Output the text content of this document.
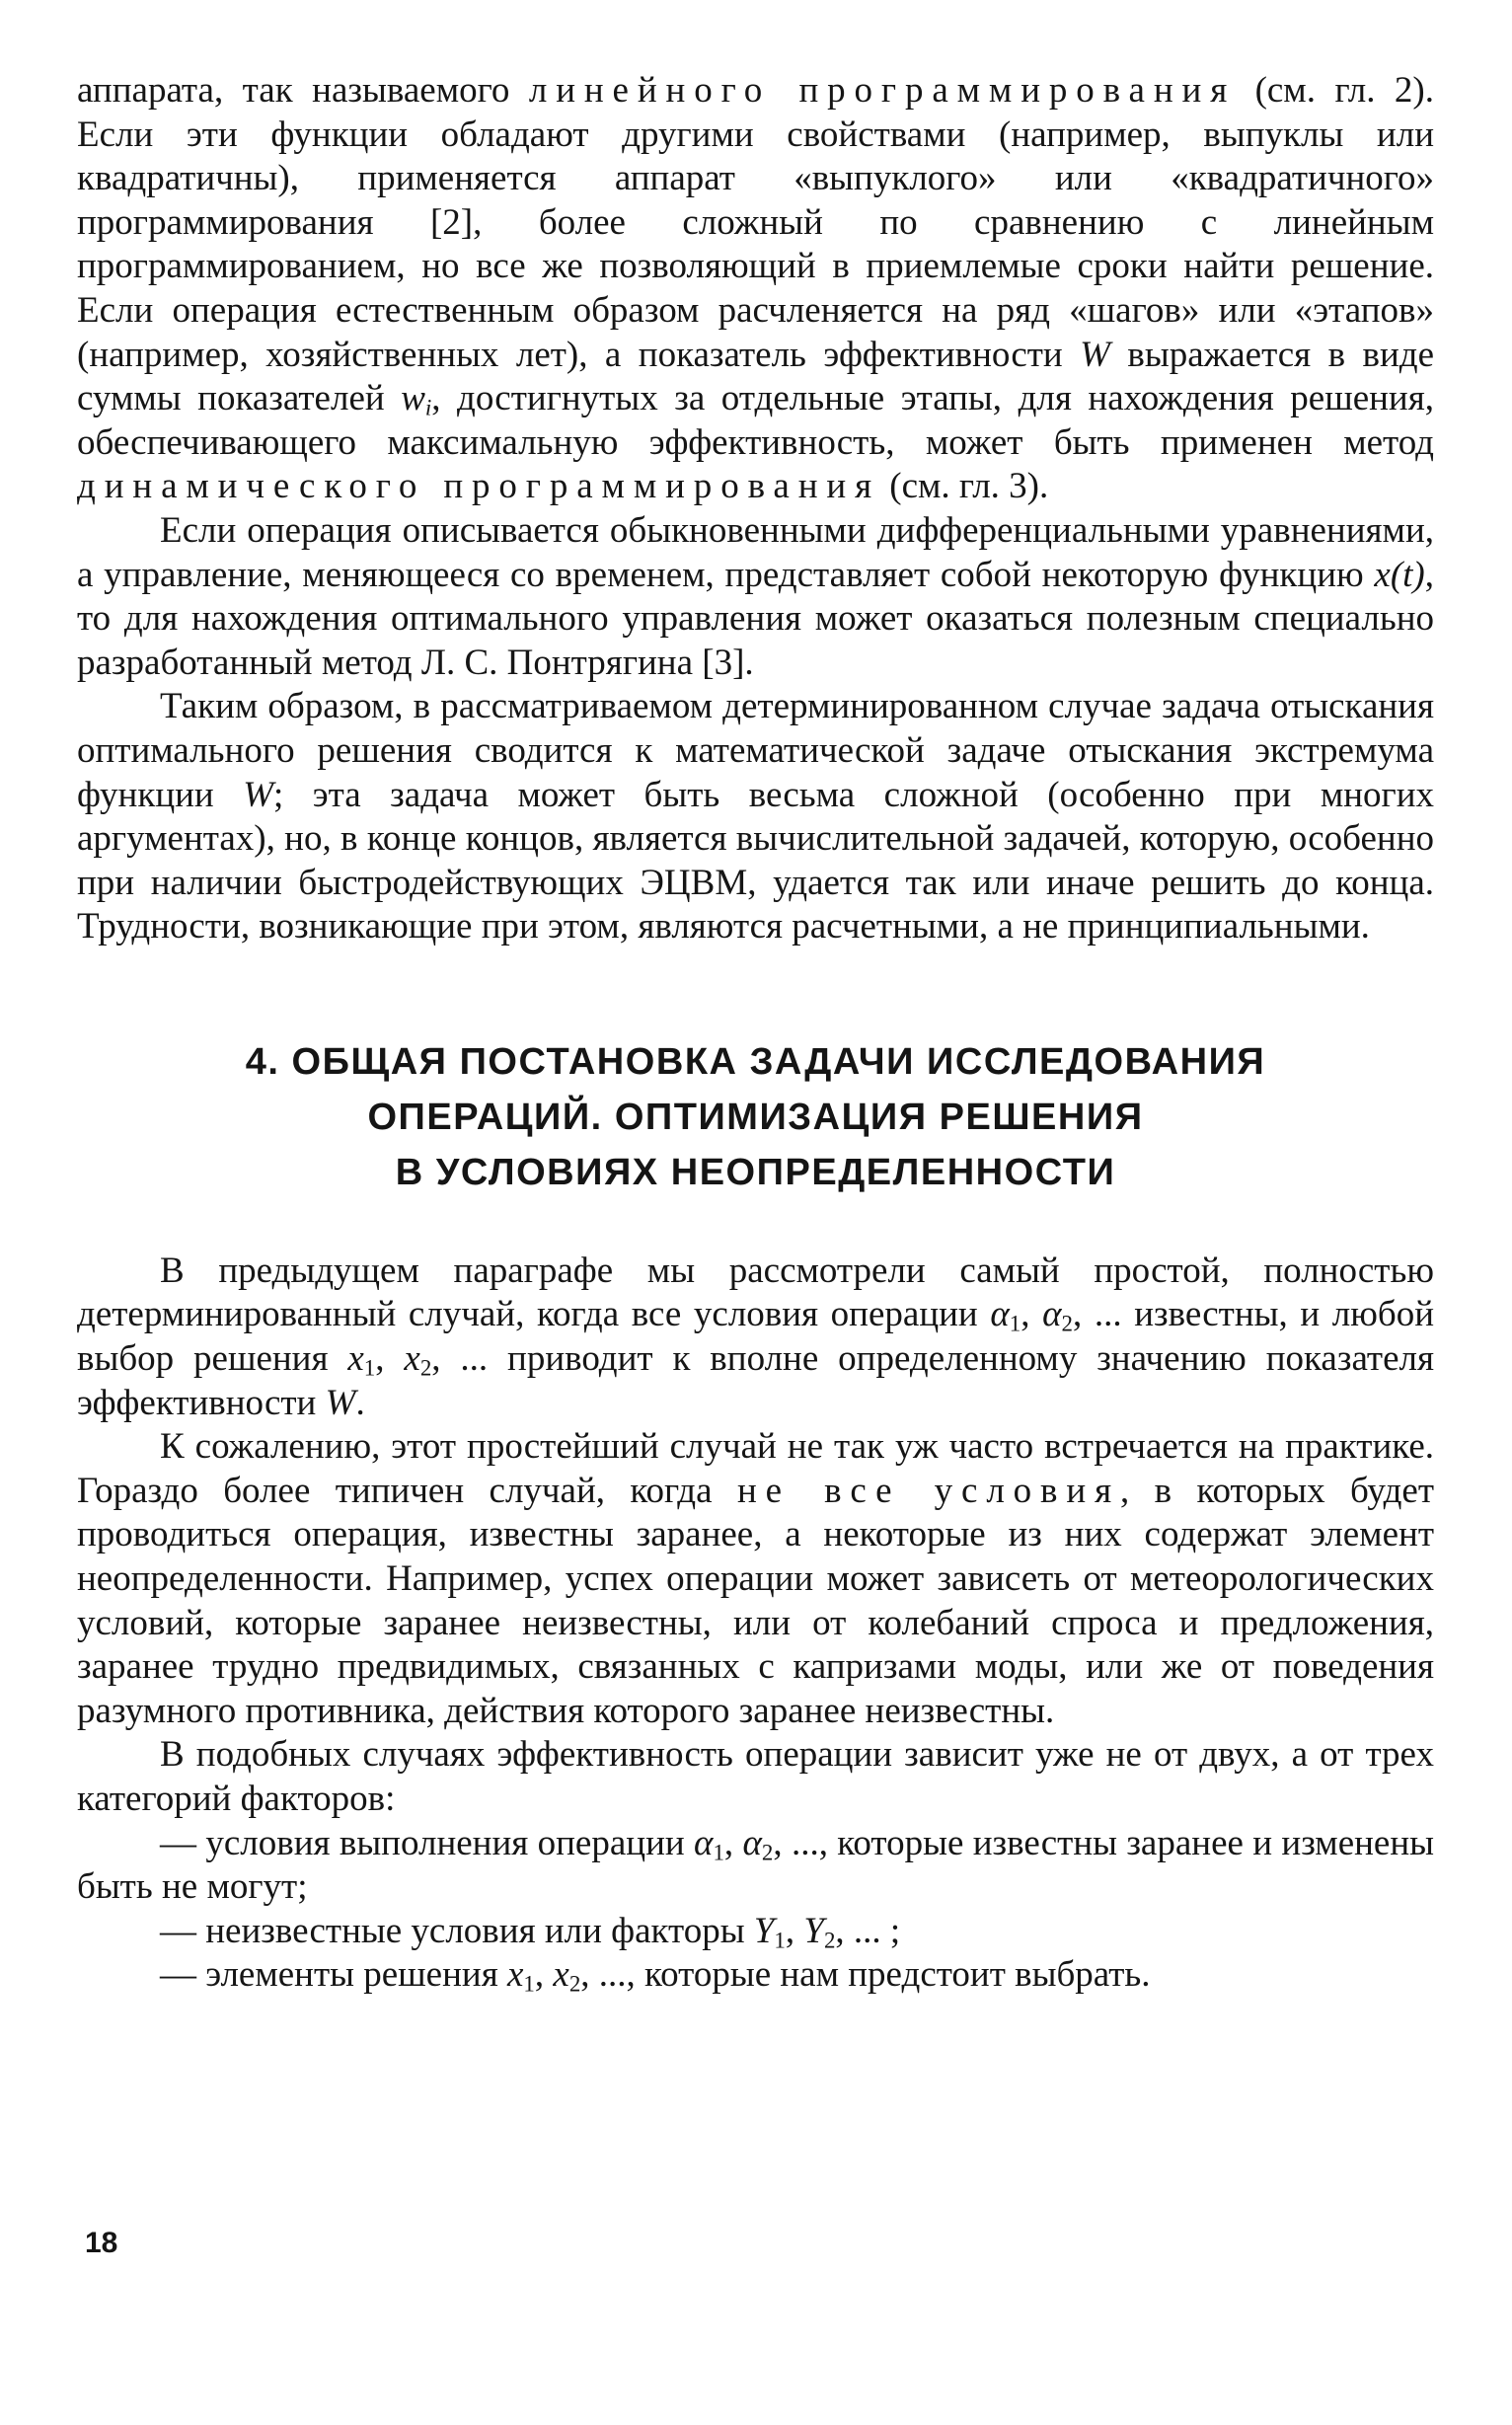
аппарата, так называемого линейного программирования (см. гл. 2). Если эти функции обладают другими свойствами (например, выпуклы или квадратичны), применяется аппарат «выпуклого» или «квадратичного» программирования [2], более сложный по сравнению с линейным программированием, но все же позволяющий в приемлемые сроки найти решение. Если операция естественным образом расчленяется на ряд «шагов» или «этапов» (например, хозяйственных лет), а показатель эффективности W выражается в виде суммы показателей $w_i$, достигнутых за отдельные этапы, для нахождения решения, обеспечивающего максимальную эффективность, может быть применен метод динамического программирования (см. гл. 3).

Если операция описывается обыкновенными дифференциальными уравнениями, а управление, меняющееся со временем, представляет собой некоторую функцию x(t), то для нахождения оптимального управления может оказаться полезным специально разработанный метод Л. С. Понтрягина [3].

Таким образом, в рассматриваемом детерминированном случае задача отыскания оптимального решения сводится к математической задаче отыскания экстремума функции W; эта задача может быть весьма сложной (особенно при многих аргументах), но, в конце концов, является вычислительной задачей, которую, особенно при наличии быстродействующих ЭЦВМ, удается так или иначе решить до конца. Трудности, возникающие при этом, являются расчетными, а не принципиальными.

4. ОБЩАЯ ПОСТАНОВКА ЗАДАЧИ ИССЛЕДОВАНИЯ
ОПЕРАЦИЙ. ОПТИМИЗАЦИЯ РЕШЕНИЯ
В УСЛОВИЯХ НЕОПРЕДЕЛЕННОСТИ

В предыдущем параграфе мы рассмотрели самый простой, полностью детерминированный случай, когда все условия операции $\alpha_1$, $\alpha_2$, ... известны, и любой выбор решения $x_1$, $x_2$, ... приводит к вполне определенному значению показателя эффективности W.

К сожалению, этот простейший случай не так уж часто встречается на практике. Гораздо более типичен случай, когда не все условия, в которых будет проводиться операция, известны заранее, а некоторые из них содержат элемент неопределенности. Например, успех операции может зависеть от метеорологических условий, которые заранее неизвестны, или от колебаний спроса и предложения, заранее трудно предвидимых, связанных с капризами моды, или же от поведения разумного противника, действия которого заранее неизвестны.

В подобных случаях эффективность операции зависит уже не от двух, а от трех категорий факторов:

— условия выполнения операции $\alpha_1$, $\alpha_2$, ..., которые известны заранее и изменены быть не могут;
— неизвестные условия или факторы $Y_1$, $Y_2$, ... ;
— элементы решения $x_1$, $x_2$, ..., которые нам предстоит выбрать.
18
